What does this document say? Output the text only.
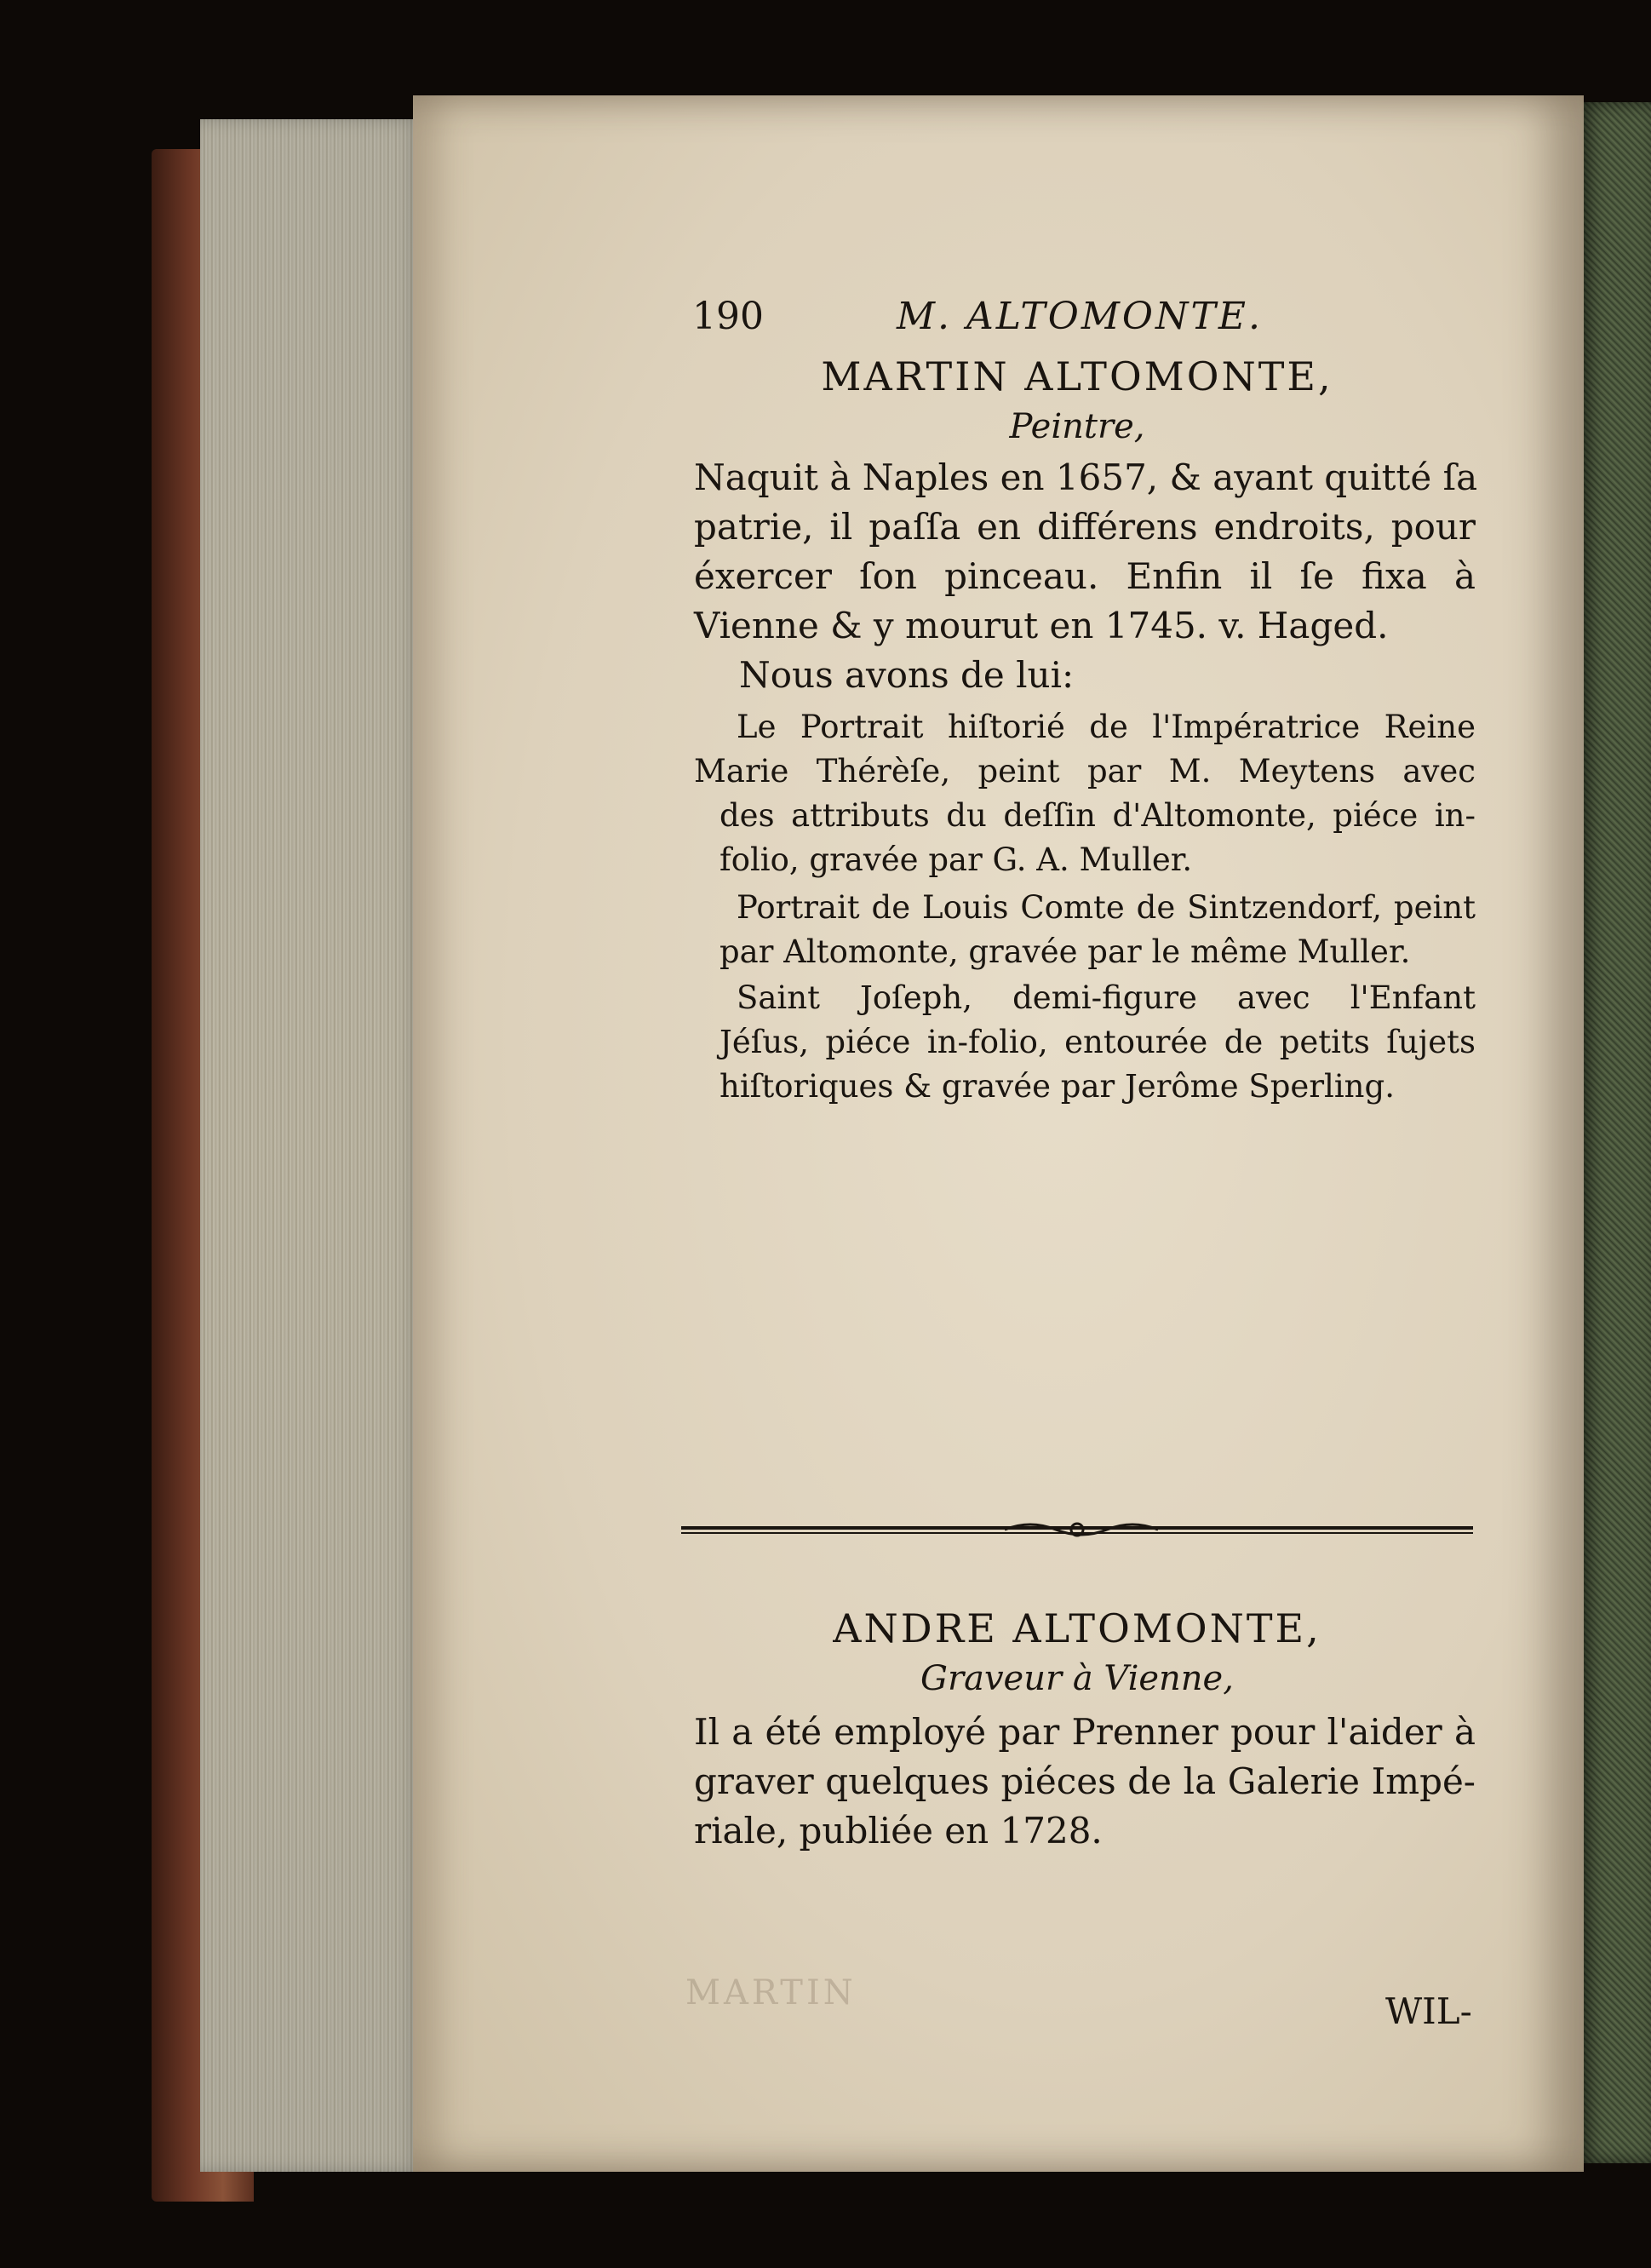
190	M. ALTOMONTE.
MARTIN ALTOMONTE,
Peintre,
Naquit à Naples en 1657, & ayant quitté ſa
patrie, il paſſa en différens endroits, pour
éxercer ſon pinceau. Enfin il ſe fixa à
Vienne & y mourut en 1745. v. Haged.
Nous avons de lui:
Le Portrait hiſtorié de l'Impératrice Reine
Marie Thérèſe, peint par M. Meytens avec
des attributs du deſſin d'Altomonte, piéce in-
folio, gravée par G. A. Muller.
Portrait de Louis Comte de Sintzendorf, peint
par Altomonte, gravée par le même Muller.
Saint Joſeph, demi-figure avec l'Enfant
Jéſus, piéce in-folio, entourée de petits ſujets
hiſtoriques & gravée par Jerôme Sperling.
ANDRE ALTOMONTE,
Graveur à Vienne,
Il a été employé par Prenner pour l'aider à
graver quelques piéces de la Galerie Impé-
riale, publiée en 1728.
MARTIN	WIL-
